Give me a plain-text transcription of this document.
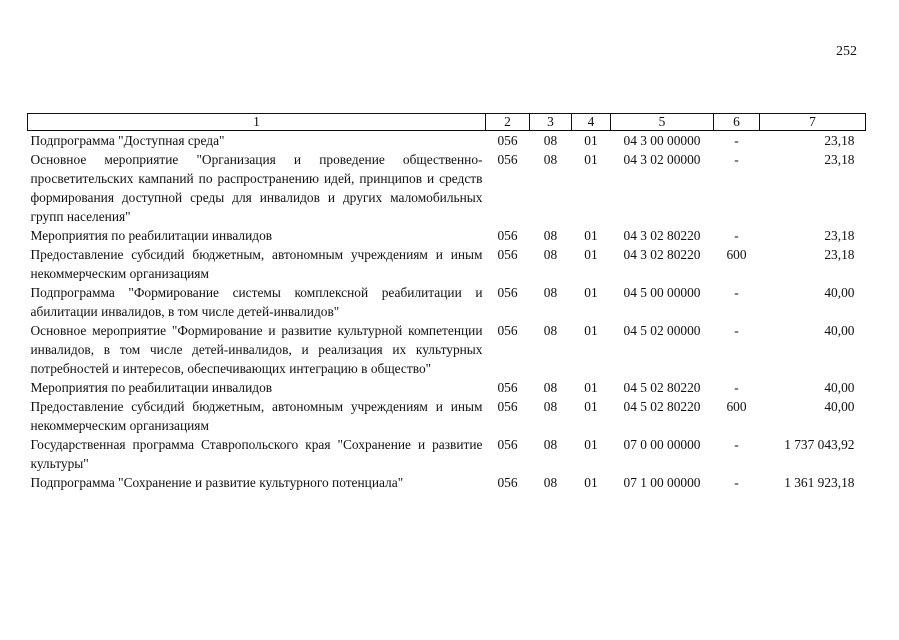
252
1	2	3	4	5	6	7
Подпрограмма "Доступная среда"	056	08	01	04 3 00 00000	-	23,18
Основное мероприятие "Организация и проведение общественно-просветительских кампаний по распространению идей, принципов и средств формирования доступной среды для инвалидов и других маломобильных групп населения"	056	08	01	04 3 02 00000	-	23,18
Мероприятия по реабилитации инвалидов	056	08	01	04 3 02 80220	-	23,18
Предоставление субсидий бюджетным, автономным учреждениям и иным некоммерческим организациям	056	08	01	04 3 02 80220	600	23,18
Подпрограмма "Формирование системы комплексной реабилитации и абилитации инвалидов, в том числе детей-инвалидов"	056	08	01	04 5 00 00000	-	40,00
Основное мероприятие "Формирование и развитие культурной компетенции инвалидов, в том числе детей-инвалидов, и реализация их культурных потребностей и интересов, обеспечивающих интеграцию в общество"	056	08	01	04 5 02 00000	-	40,00
Мероприятия по реабилитации инвалидов	056	08	01	04 5 02 80220	-	40,00
Предоставление субсидий бюджетным, автономным учреждениям и иным некоммерческим организациям	056	08	01	04 5 02 80220	600	40,00
Государственная программа Ставропольского края "Сохранение и развитие культуры"	056	08	01	07 0 00 00000	-	1 737 043,92
Подпрограмма "Сохранение и развитие культурного потенциала"	056	08	01	07 1 00 00000	-	1 361 923,18
